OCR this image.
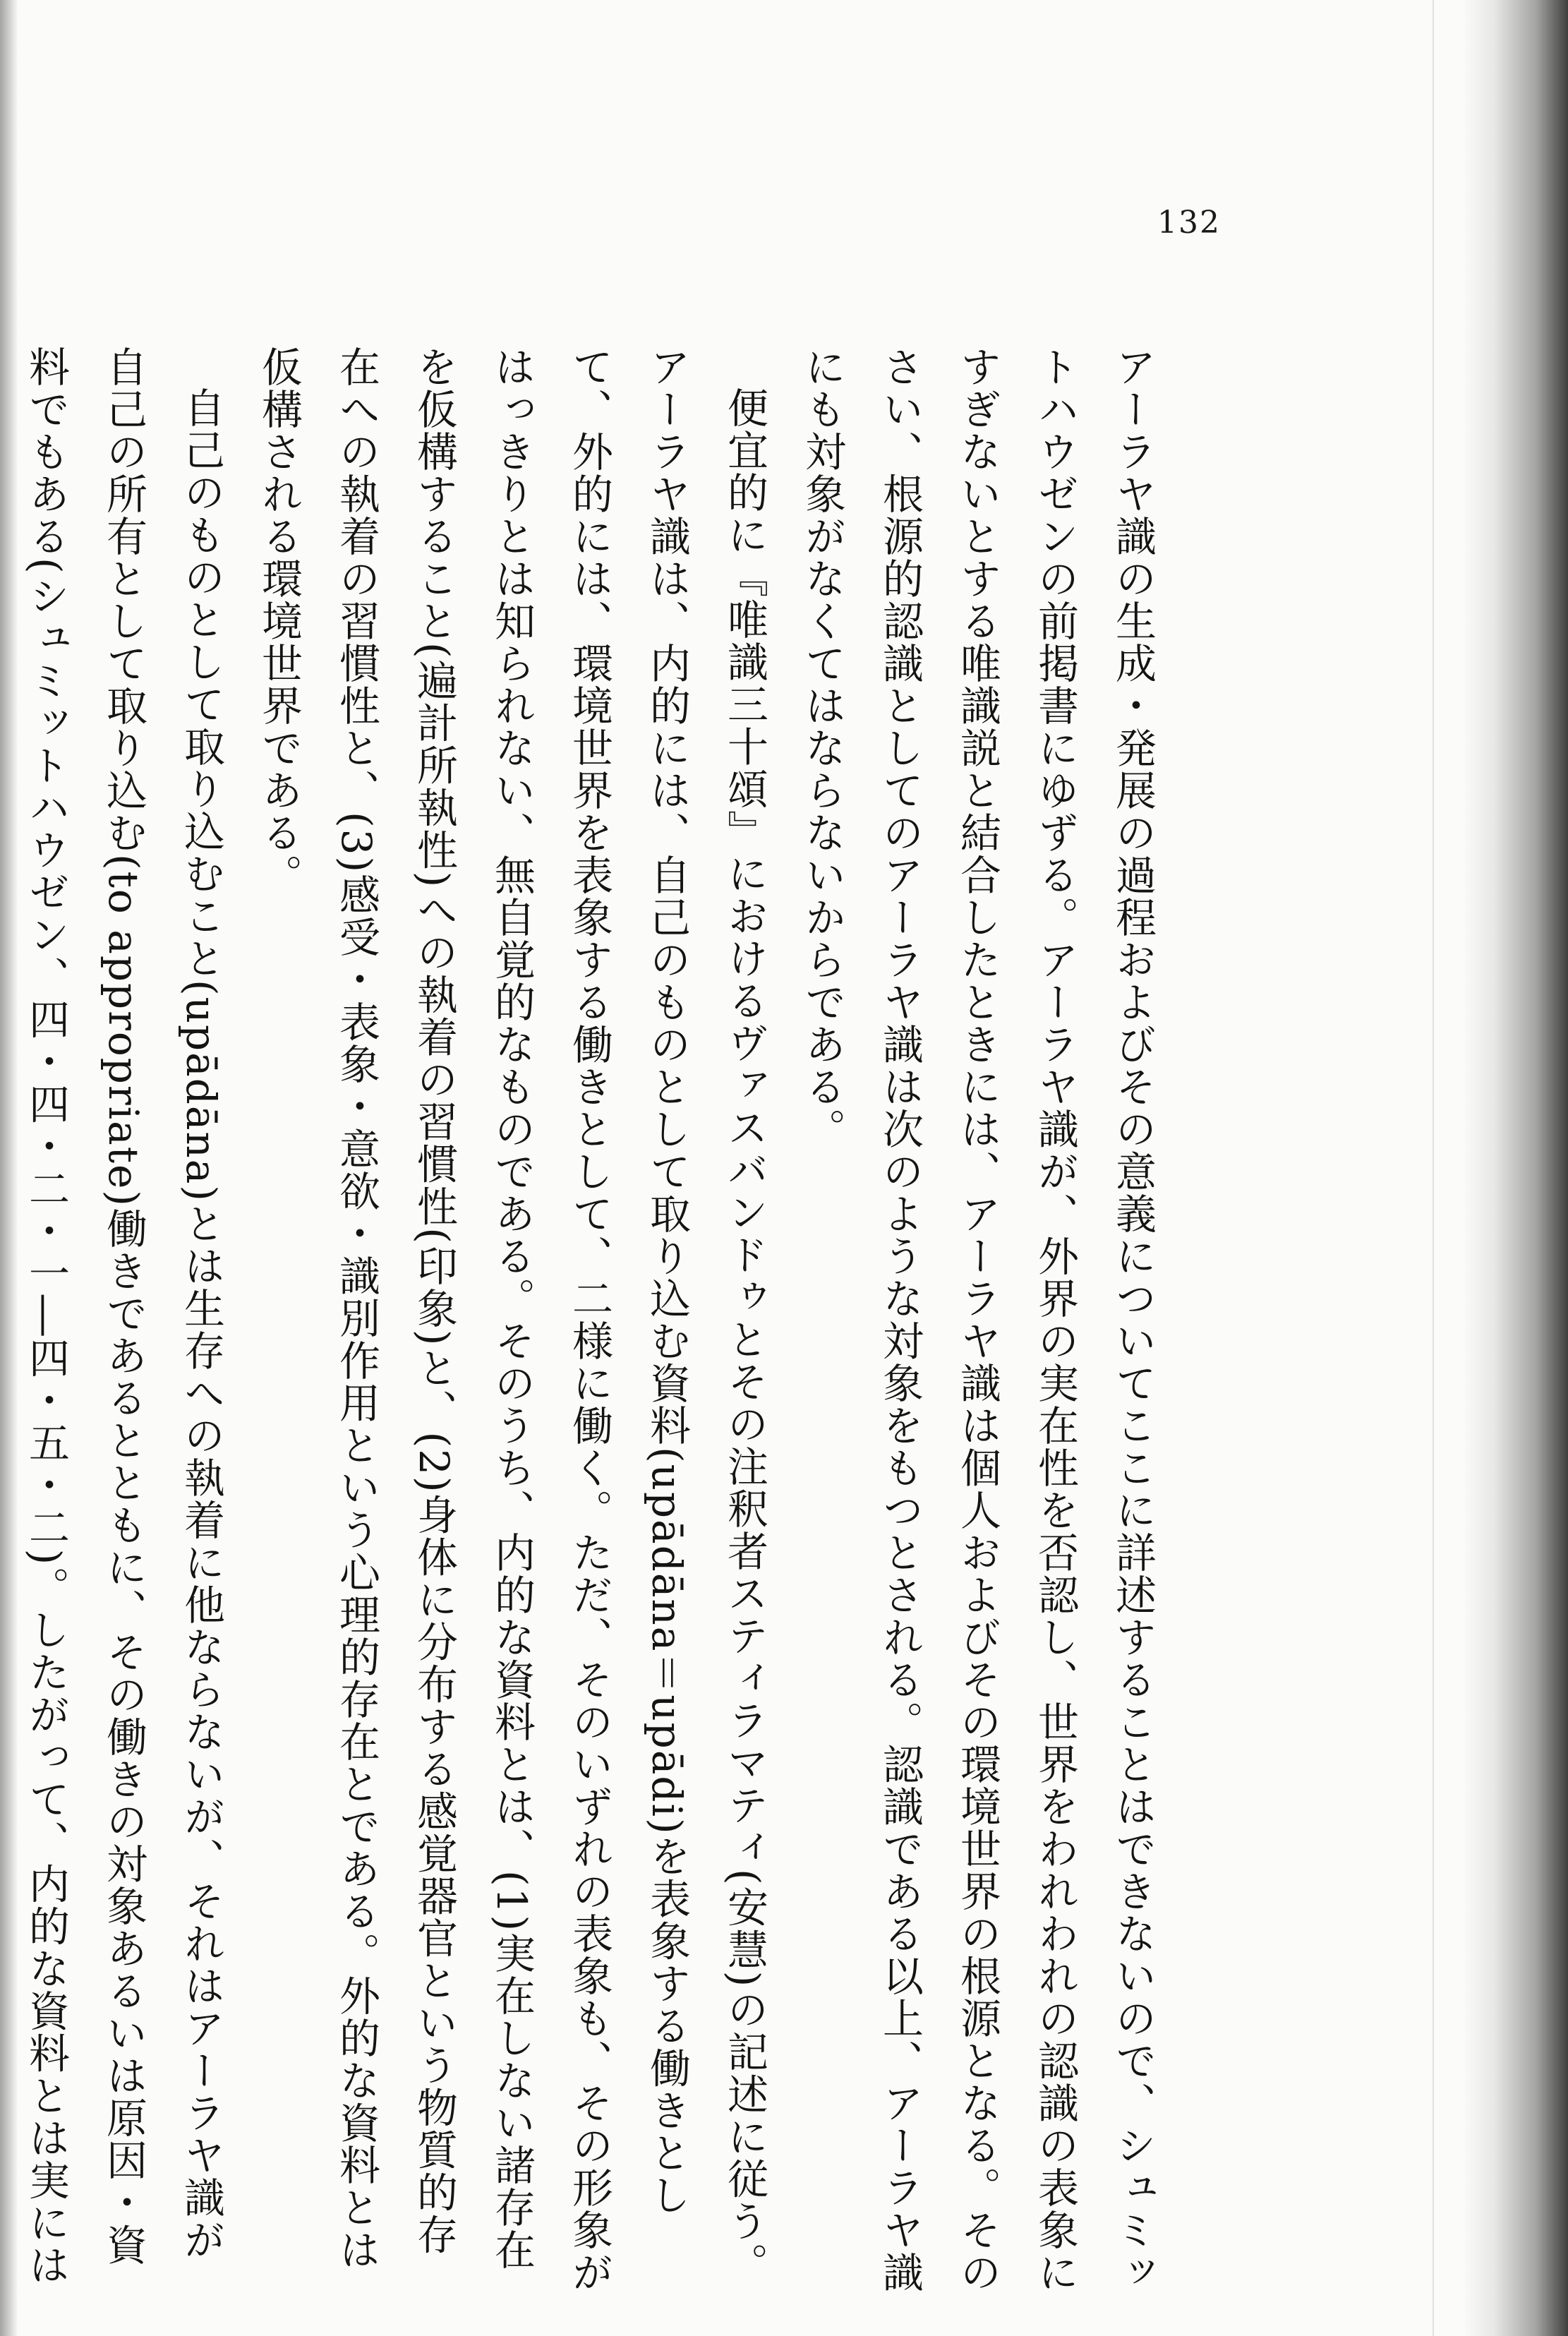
132

アーラヤ識の生成・発展の過程およびその意義についてここに詳述することはできないので、シュミットハウゼンの前掲書にゆずる。アーラヤ識が、外界の実在性を否認し、世界をわれわれの認識の表象にすぎないとする唯識説と結合したときには、アーラヤ識は個人およびその環境世界の根源となる。そのさい、根源的認識としてのアーラヤ識は次のような対象をもつとされる。認識である以上、アーラヤ識にも対象がなくてはならないからである。

便宜的に『唯識三十頌』におけるヴァスバンドゥとその注釈者スティラマティ(安慧)の記述に従う。アーラヤ識は、内的には、自己のものとして取り込む資料(upādāna＝upādi)を表象する働きとして、外的には、環境世界を表象する働きとして、二様に働く。ただ、そのいずれの表象も、その形象がはっきりとは知られない、無自覚的なものである。そのうち、内的な資料とは、(1)実在しない諸存在を仮構すること(遍計所執性)への執着の習慣性(印象)と、(2)身体に分布する感覚器官という物質的存在への執着の習慣性と、(3)感受・表象・意欲・識別作用という心理的存在とである。外的な資料とは仮構される環境世界である。

自己のものとして取り込むこと(upādāna)とは生存への執着に他ならないが、それはアーラヤ識が自己の所有として取り込む(to appropriate)働きであるとともに、その働きの対象あるいは原因・資料でもある(シュミットハウゼン、四・四・二・一―四・五・二)。したがって、内的な資料とは実には
